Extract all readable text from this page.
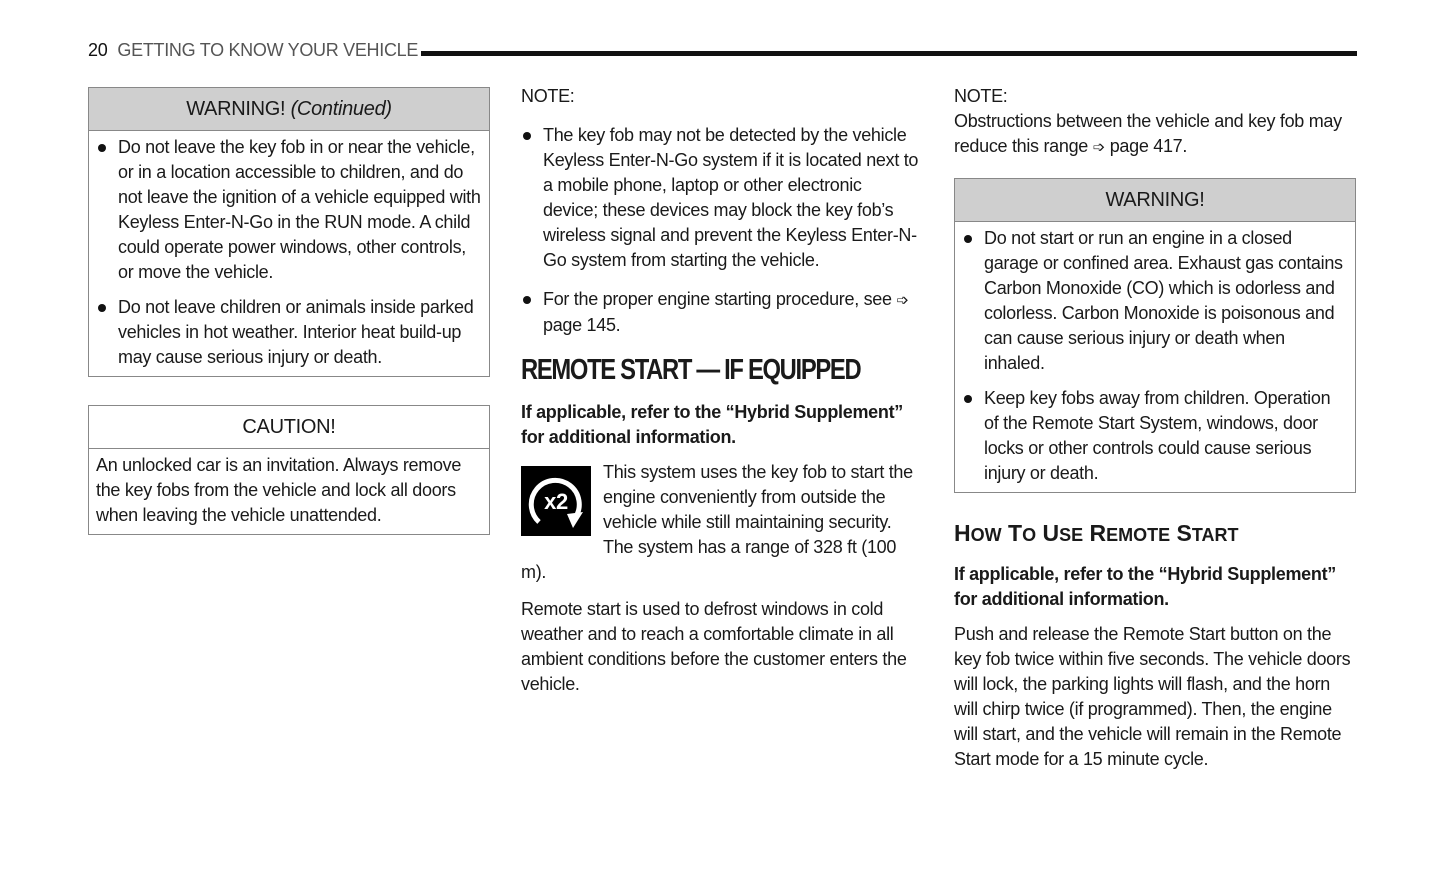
20 GETTING TO KNOW YOUR VEHICLE
WARNING! (Continued)
Do not leave the key fob in or near the vehicle, or in a location accessible to children, and do not leave the ignition of a vehicle equipped with Keyless Enter-N-Go in the RUN mode. A child could operate power windows, other controls, or move the vehicle.
Do not leave children or animals inside parked vehicles in hot weather. Interior heat build-up may cause serious injury or death.
CAUTION!
An unlocked car is an invitation. Always remove the key fobs from the vehicle and lock all doors when leaving the vehicle unattended.

NOTE:

The key fob may not be detected by the vehicle Keyless Enter-N-Go system if it is located next to a mobile phone, laptop or other electronic device; these devices may block the key fob’s wireless signal and prevent the Keyless Enter-N-Go system from starting the vehicle.
For the proper engine starting procedure, see ➩ page 145.
REMOTE START — IF EQUIPPED

If applicable, refer to the “Hybrid Supplement” for additional information.

x2

This system uses the key fob to start the engine conveniently from outside the vehicle while still maintaining security. The system has a range of 328 ft (100 m).

Remote start is used to defrost windows in cold weather and to reach a comfortable climate in all ambient conditions before the customer enters the vehicle.

NOTE:

Obstructions between the vehicle and key fob may reduce this range ➩ page 417.

WARNING!
Do not start or run an engine in a closed garage or confined area. Exhaust gas contains Carbon Monoxide (CO) which is odorless and colorless. Carbon Monoxide is poisonous and can cause serious injury or death when inhaled.
Keep key fobs away from children. Operation of the Remote Start System, windows, door locks or other controls could cause serious injury or death.
HOW TO USE REMOTE START

If applicable, refer to the “Hybrid Supplement” for additional information.

Push and release the Remote Start button on the key fob twice within five seconds. The vehicle doors will lock, the parking lights will flash, and the horn will chirp twice (if programmed). Then, the engine will start, and the vehicle will remain in the Remote Start mode for a 15 minute cycle.
